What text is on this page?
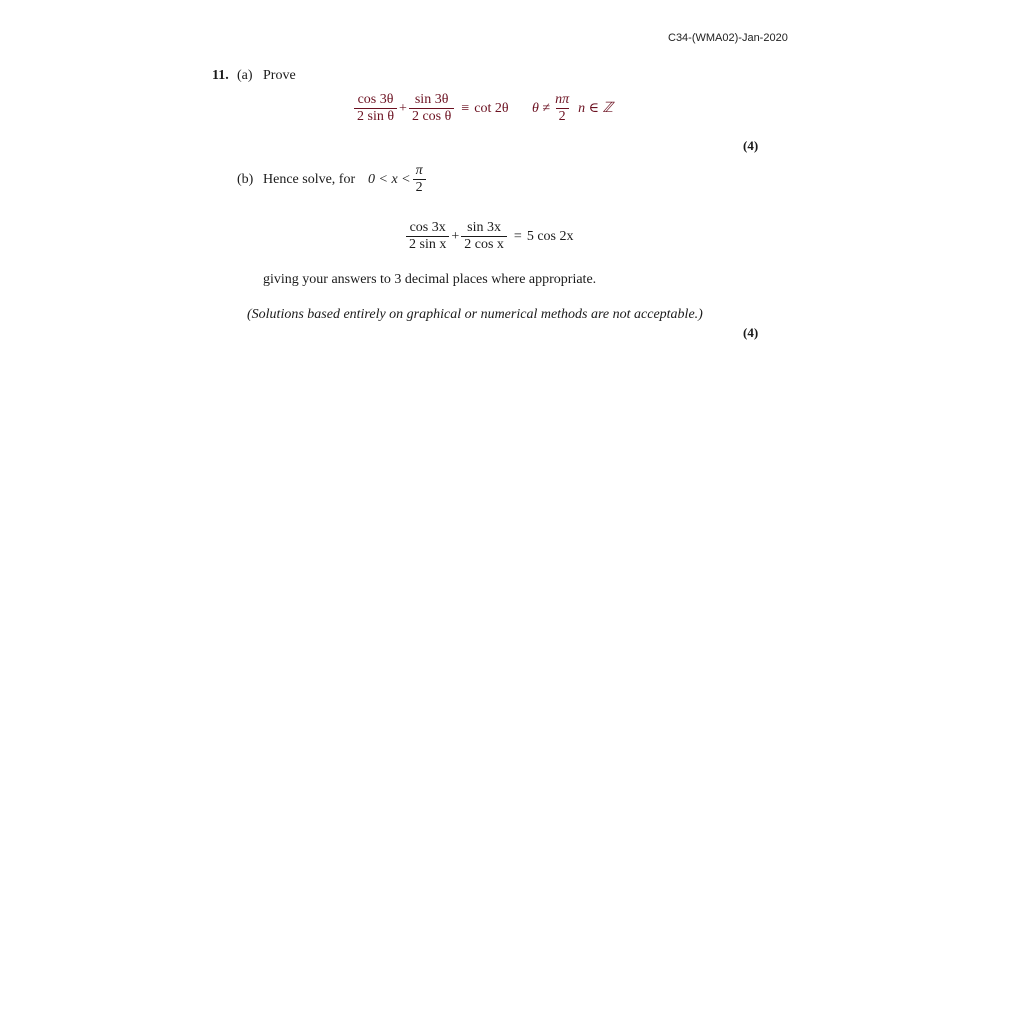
C34-(WMA02)-Jan-2020
11. (a) Prove
$\frac{\cos 3\theta}{\text{2 sin θ}} + \frac{\sin 3\theta}{\text{2 cos θ}} \equiv \cot 2\theta$ $\theta \ne \frac{n\pi}{2}$ n ∈ ℤ
(4)
(b) Hence solve, for $0 < x < \frac{\pi}{2}$
$\frac{\cos 3x}{\text{2 sin x}} + \frac{\sin 3x}{\text{2 cos x}} = 5$ cos 2x
giving your answers to 3 decimal places where appropriate.
(Solutions based entirely on graphical or numerical methods are not acceptable.)
(4)
